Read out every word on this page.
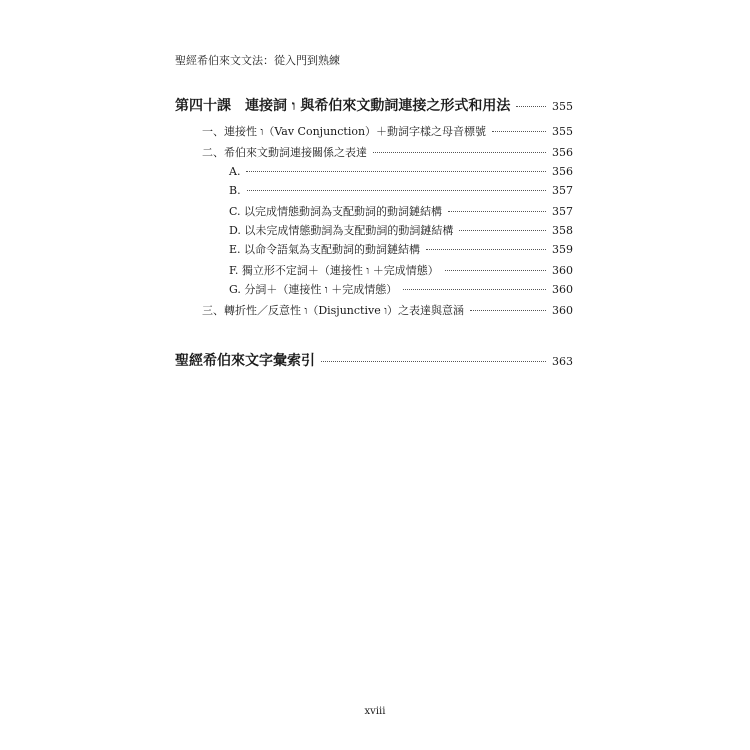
聖經希伯來文文法：從入門到熟練
第四十課　連接詞 ו 與希伯來文動詞連接之形式和用法	355
一、連接性 ו（Vav Conjunction）＋動詞字樣之母音標號	355
二、希伯來文動詞連接關係之表達	356
A.	356
B.	357
C. 以完成情態動詞為支配動詞的動詞鏈結構	357
D. 以未完成情態動詞為支配動詞的動詞鏈結構	358
E. 以命令語氣為支配動詞的動詞鏈結構	359
F. 獨立形不定詞＋（連接性 ו ＋完成情態）	360
G. 分詞＋（連接性 ו ＋完成情態）	360
三、轉折性／反意性 ו（Disjunctive ו）之表達與意涵	360
聖經希伯來文字彙索引	363
xviii
